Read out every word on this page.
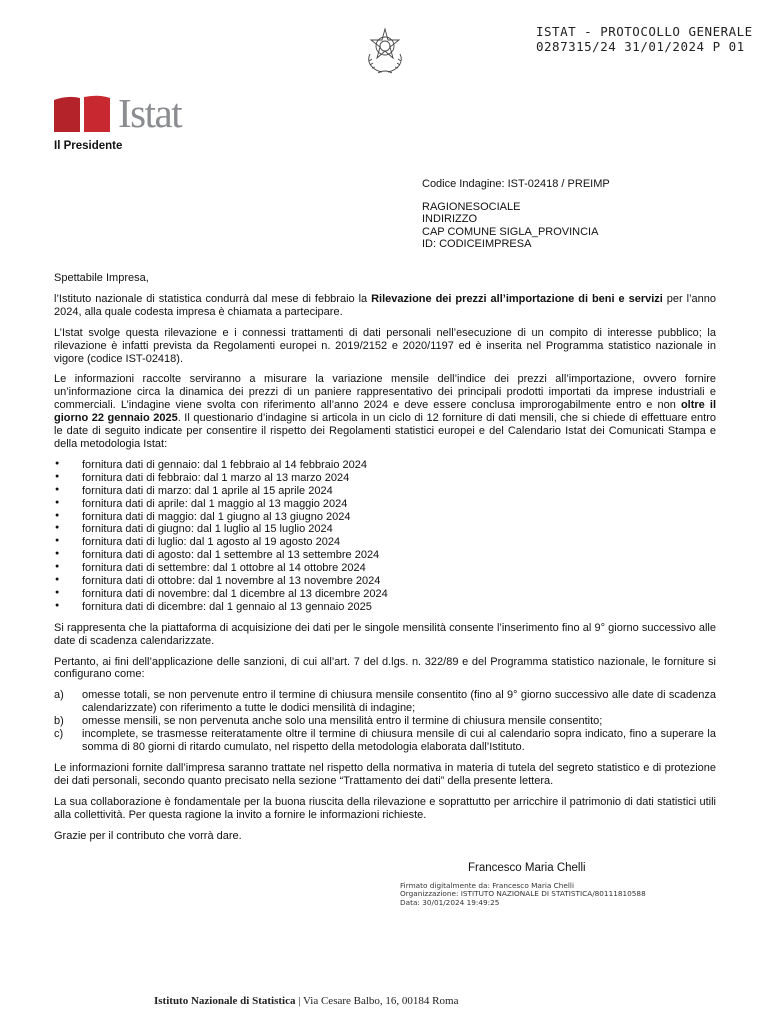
ISTAT - PROTOCOLLO GENERALE
0287315/24 31/01/2024 P 01
Istat
Il Presidente
Codice Indagine: IST-02418 / PREIMP
RAGIONESOCIALE
INDIRIZZO
CAP COMUNE SIGLA_PROVINCIA
ID: CODICEIMPRESA

Spettabile Impresa,

l’Istituto nazionale di statistica condurrà dal mese di febbraio la Rilevazione dei prezzi all’importazione di beni e servizi per l’anno 2024, alla quale codesta impresa è chiamata a partecipare.

L’Istat svolge questa rilevazione e i connessi trattamenti di dati personali nell’esecuzione di un compito di interesse pubblico; la rilevazione è infatti prevista da Regolamenti europei n. 2019/2152 e 2020/1197 ed è inserita nel Programma statistico nazionale in vigore (codice IST-02418).

Le informazioni raccolte serviranno a misurare la variazione mensile dell’indice dei prezzi all’importazione, ovvero fornire un’informazione circa la dinamica dei prezzi di un paniere rappresentativo dei principali prodotti importati da imprese industriali e commerciali. L’indagine viene svolta con riferimento all’anno 2024 e deve essere conclusa improrogabilmente entro e non oltre il giorno 22 gennaio 2025. Il questionario d’indagine si articola in un ciclo di 12 forniture di dati mensili, che si chiede di effettuare entro le date di seguito indicate per consentire il rispetto dei Regolamenti statistici europei e del Calendario Istat dei Comunicati Stampa e della metodologia Istat:

● fornitura dati di gennaio: dal 1 febbraio al 14 febbraio 2024
● fornitura dati di febbraio: dal 1 marzo al 13 marzo 2024
● fornitura dati di marzo: dal 1 aprile al 15 aprile 2024
● fornitura dati di aprile: dal 1 maggio al 13 maggio 2024
● fornitura dati di maggio: dal 1 giugno al 13 giugno 2024
● fornitura dati di giugno: dal 1 luglio al 15 luglio 2024
● fornitura dati di luglio: dal 1 agosto al 19 agosto 2024
● fornitura dati di agosto: dal 1 settembre al 13 settembre 2024
● fornitura dati di settembre: dal 1 ottobre al 14 ottobre 2024
● fornitura dati di ottobre: dal 1 novembre al 13 novembre 2024
● fornitura dati di novembre: dal 1 dicembre al 13 dicembre 2024
● fornitura dati di dicembre: dal 1 gennaio al 13 gennaio 2025

Si rappresenta che la piattaforma di acquisizione dei dati per le singole mensilità consente l’inserimento fino al 9° giorno successivo alle date di scadenza calendarizzate.

Pertanto, ai fini dell’applicazione delle sanzioni, di cui all’art. 7 del d.lgs. n. 322/89 e del Programma statistico nazionale, le forniture si configurano come:

a)	omesse totali, se non pervenute entro il termine di chiusura mensile consentito (fino al 9° giorno successivo alle date di scadenza calendarizzate) con riferimento a tutte le dodici mensilità di indagine;
b)	omesse mensili, se non pervenuta anche solo una mensilità entro il termine di chiusura mensile consentito;
c)	incomplete, se trasmesse reiteratamente oltre il termine di chiusura mensile di cui al calendario sopra indicato, fino a superare la somma di 80 giorni di ritardo cumulato, nel rispetto della metodologia elaborata dall’Istituto.

Le informazioni fornite dall’impresa saranno trattate nel rispetto della normativa in materia di tutela del segreto statistico e di protezione dei dati personali, secondo quanto precisato nella sezione “Trattamento dei dati” della presente lettera.

La sua collaborazione è fondamentale per la buona riuscita della rilevazione e soprattutto per arricchire il patrimonio di dati statistici utili alla collettività. Per questa ragione la invito a fornire le informazioni richieste.

Grazie per il contributo che vorrà dare.

Francesco Maria Chelli
Firmato digitalmente da: Francesco Maria Chelli
Organizzazione: ISTITUTO NAZIONALE DI STATISTICA/80111810588
Data: 30/01/2024 19:49:25
Istituto Nazionale di Statistica | Via Cesare Balbo, 16, 00184 Roma
